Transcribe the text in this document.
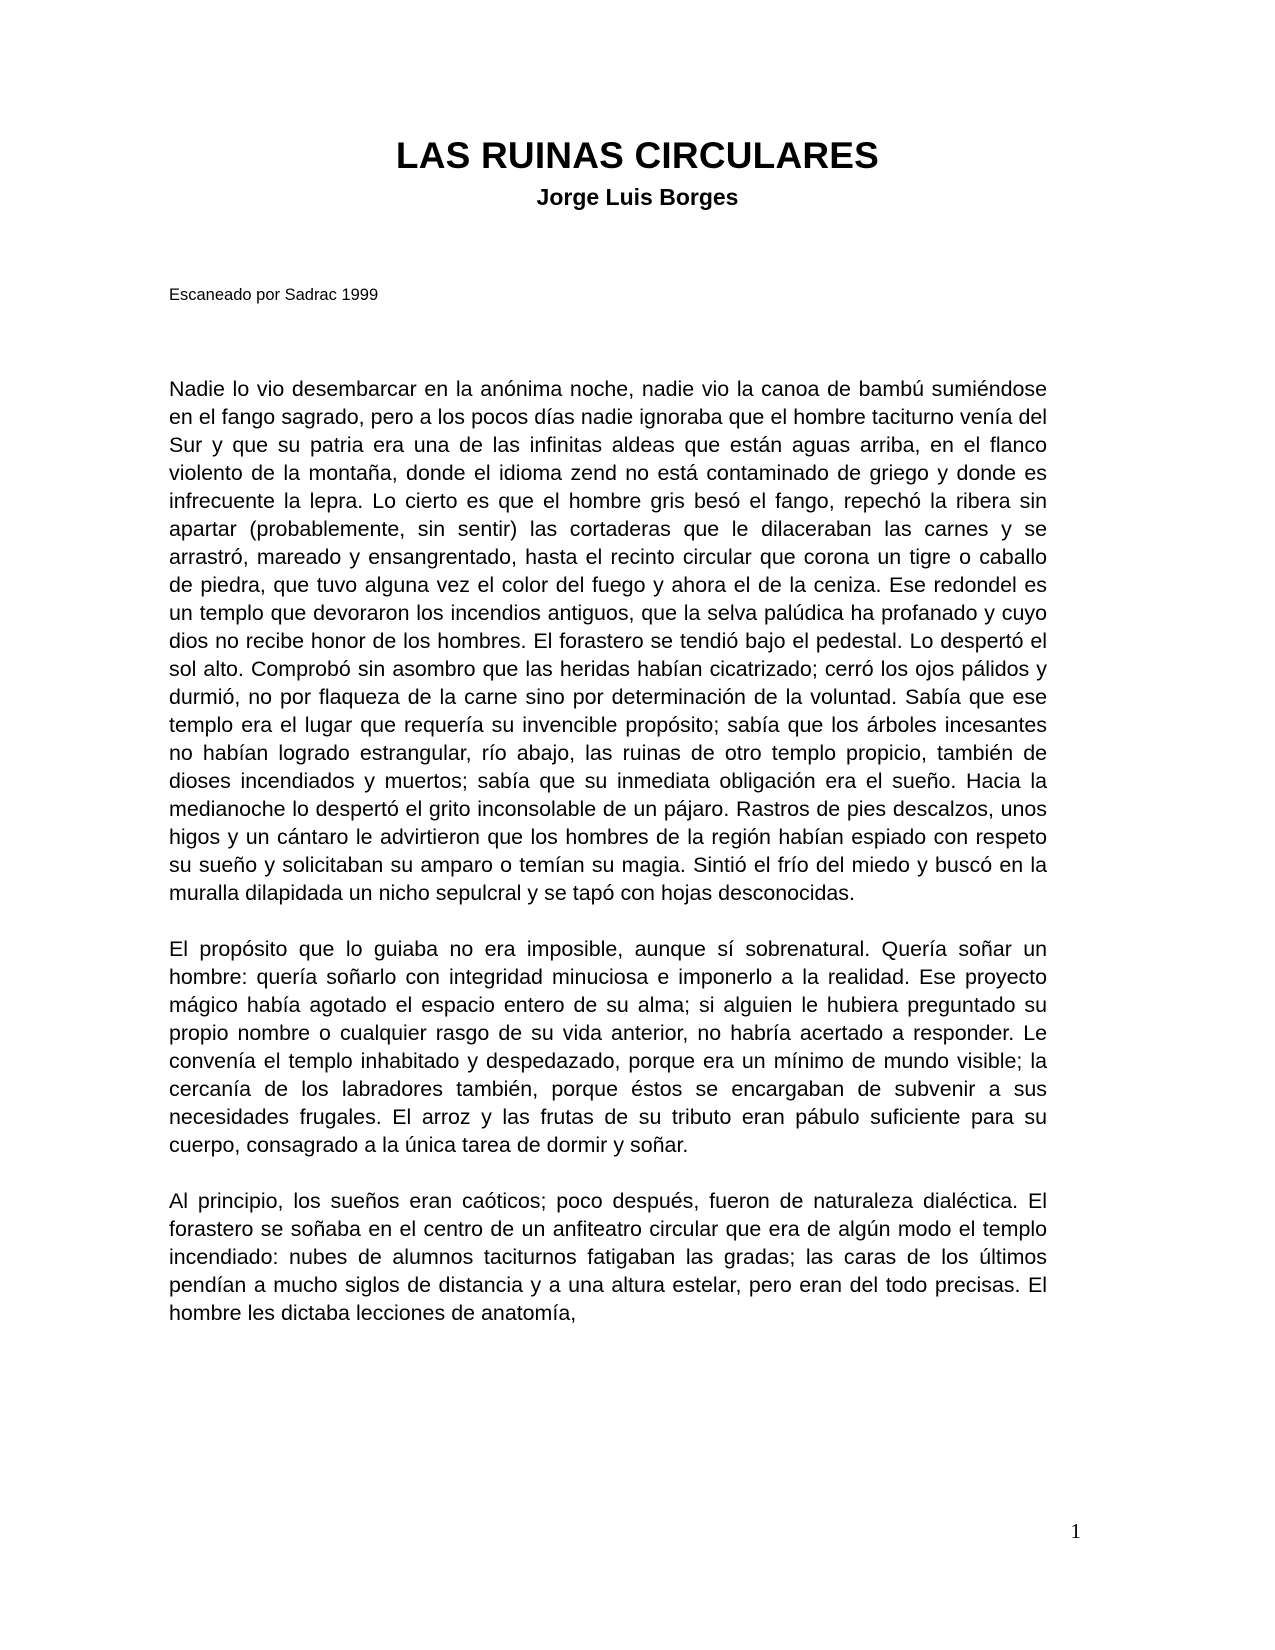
LAS RUINAS CIRCULARES
Jorge Luis Borges
Escaneado por Sadrac 1999

Nadie lo vio desembarcar en la anónima noche, nadie vio la canoa de bambú sumiéndose en el fango sagrado, pero a los pocos días nadie ignoraba que el hombre taciturno venía del Sur y que su patria era una de las infinitas aldeas que están aguas arriba, en el flanco violento de la montaña, donde el idioma zend no está contaminado de griego y donde es infrecuente la lepra. Lo cierto es que el hombre gris besó el fango, repechó la ribera sin apartar (probablemente, sin sentir) las cortaderas que le dilaceraban las carnes y se arrastró, mareado y ensangrentado, hasta el recinto circular que corona un tigre o caballo de piedra, que tuvo alguna vez el color del fuego y ahora el de la ceniza. Ese redondel es un templo que devoraron los incendios antiguos, que la selva palúdica ha profanado y cuyo dios no recibe honor de los hombres. El forastero se tendió bajo el pedestal. Lo despertó el sol alto. Comprobó sin asombro que las heridas habían cicatrizado; cerró los ojos pálidos y durmió, no por flaqueza de la carne sino por determinación de la voluntad. Sabía que ese templo era el lugar que requería su invencible propósito; sabía que los árboles incesantes no habían logrado estrangular, río abajo, las ruinas de otro templo propicio, también de dioses incendiados y muertos; sabía que su inmediata obligación era el sueño. Hacia la medianoche lo despertó el grito inconsolable de un pájaro. Rastros de pies descalzos, unos higos y un cántaro le advirtieron que los hombres de la región habían espiado con respeto su sueño y solicitaban su amparo o temían su magia. Sintió el frío del miedo y buscó en la muralla dilapidada un nicho sepulcral y se tapó con hojas desconocidas.

El propósito que lo guiaba no era imposible, aunque sí sobrenatural. Quería soñar un hombre: quería soñarlo con integridad minuciosa e imponerlo a la realidad. Ese proyecto mágico había agotado el espacio entero de su alma; si alguien le hubiera preguntado su propio nombre o cualquier rasgo de su vida anterior, no habría acertado a responder. Le convenía el templo inhabitado y despedazado, porque era un mínimo de mundo visible; la cercanía de los labradores también, porque éstos se encargaban de subvenir a sus necesidades frugales. El arroz y las frutas de su tributo eran pábulo suficiente para su cuerpo, consagrado a la única tarea de dormir y soñar.

Al principio, los sueños eran caóticos; poco después, fueron de naturaleza dialéctica. El forastero se soñaba en el centro de un anfiteatro circular que era de algún modo el templo incendiado: nubes de alumnos taciturnos fatigaban las gradas; las caras de los últimos pendían a mucho siglos de distancia y a una altura estelar, pero eran del todo precisas. El hombre les dictaba lecciones de anatomía,

1
